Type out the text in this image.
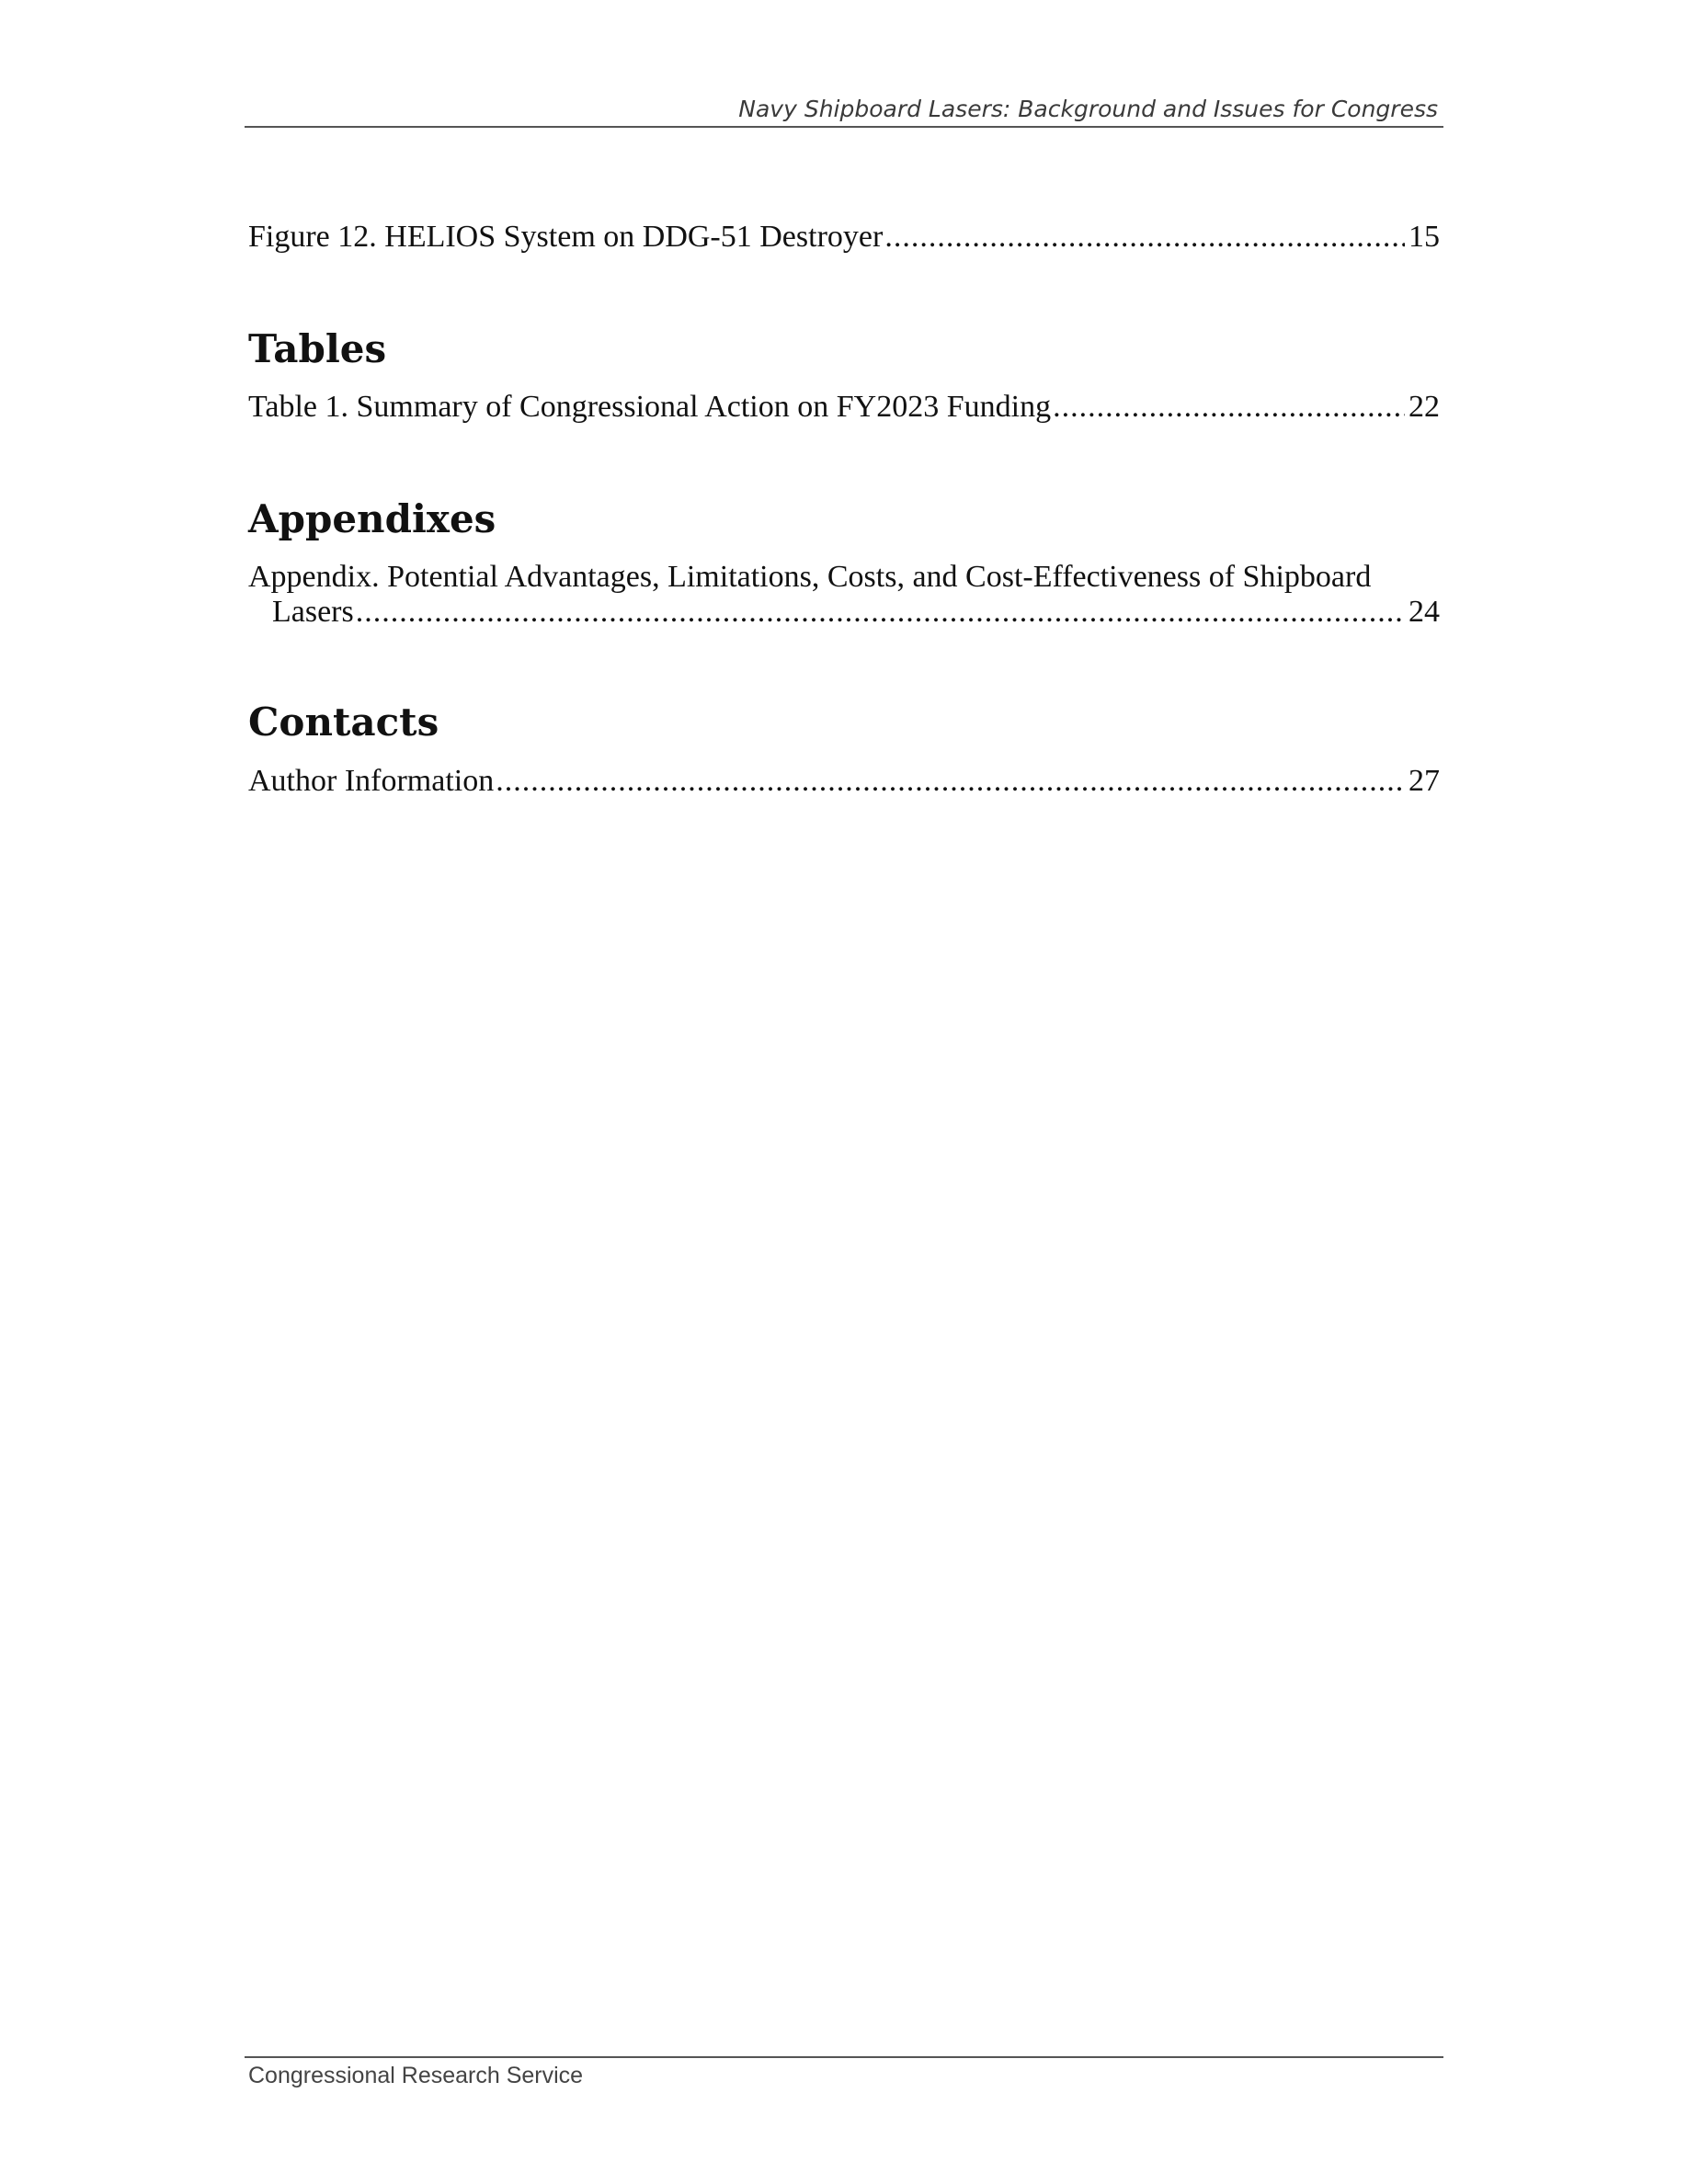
Navy Shipboard Lasers: Background and Issues for Congress
Figure 12. HELIOS System on DDG-51 Destroyer .....	15
Tables
Table 1. Summary of Congressional Action on FY2023 Funding .....	22
Appendixes
Appendix. Potential Advantages, Limitations, Costs, and Cost-Effectiveness of Shipboard
Lasers .....	24
Contacts
Author Information .....	27
Congressional Research Service
